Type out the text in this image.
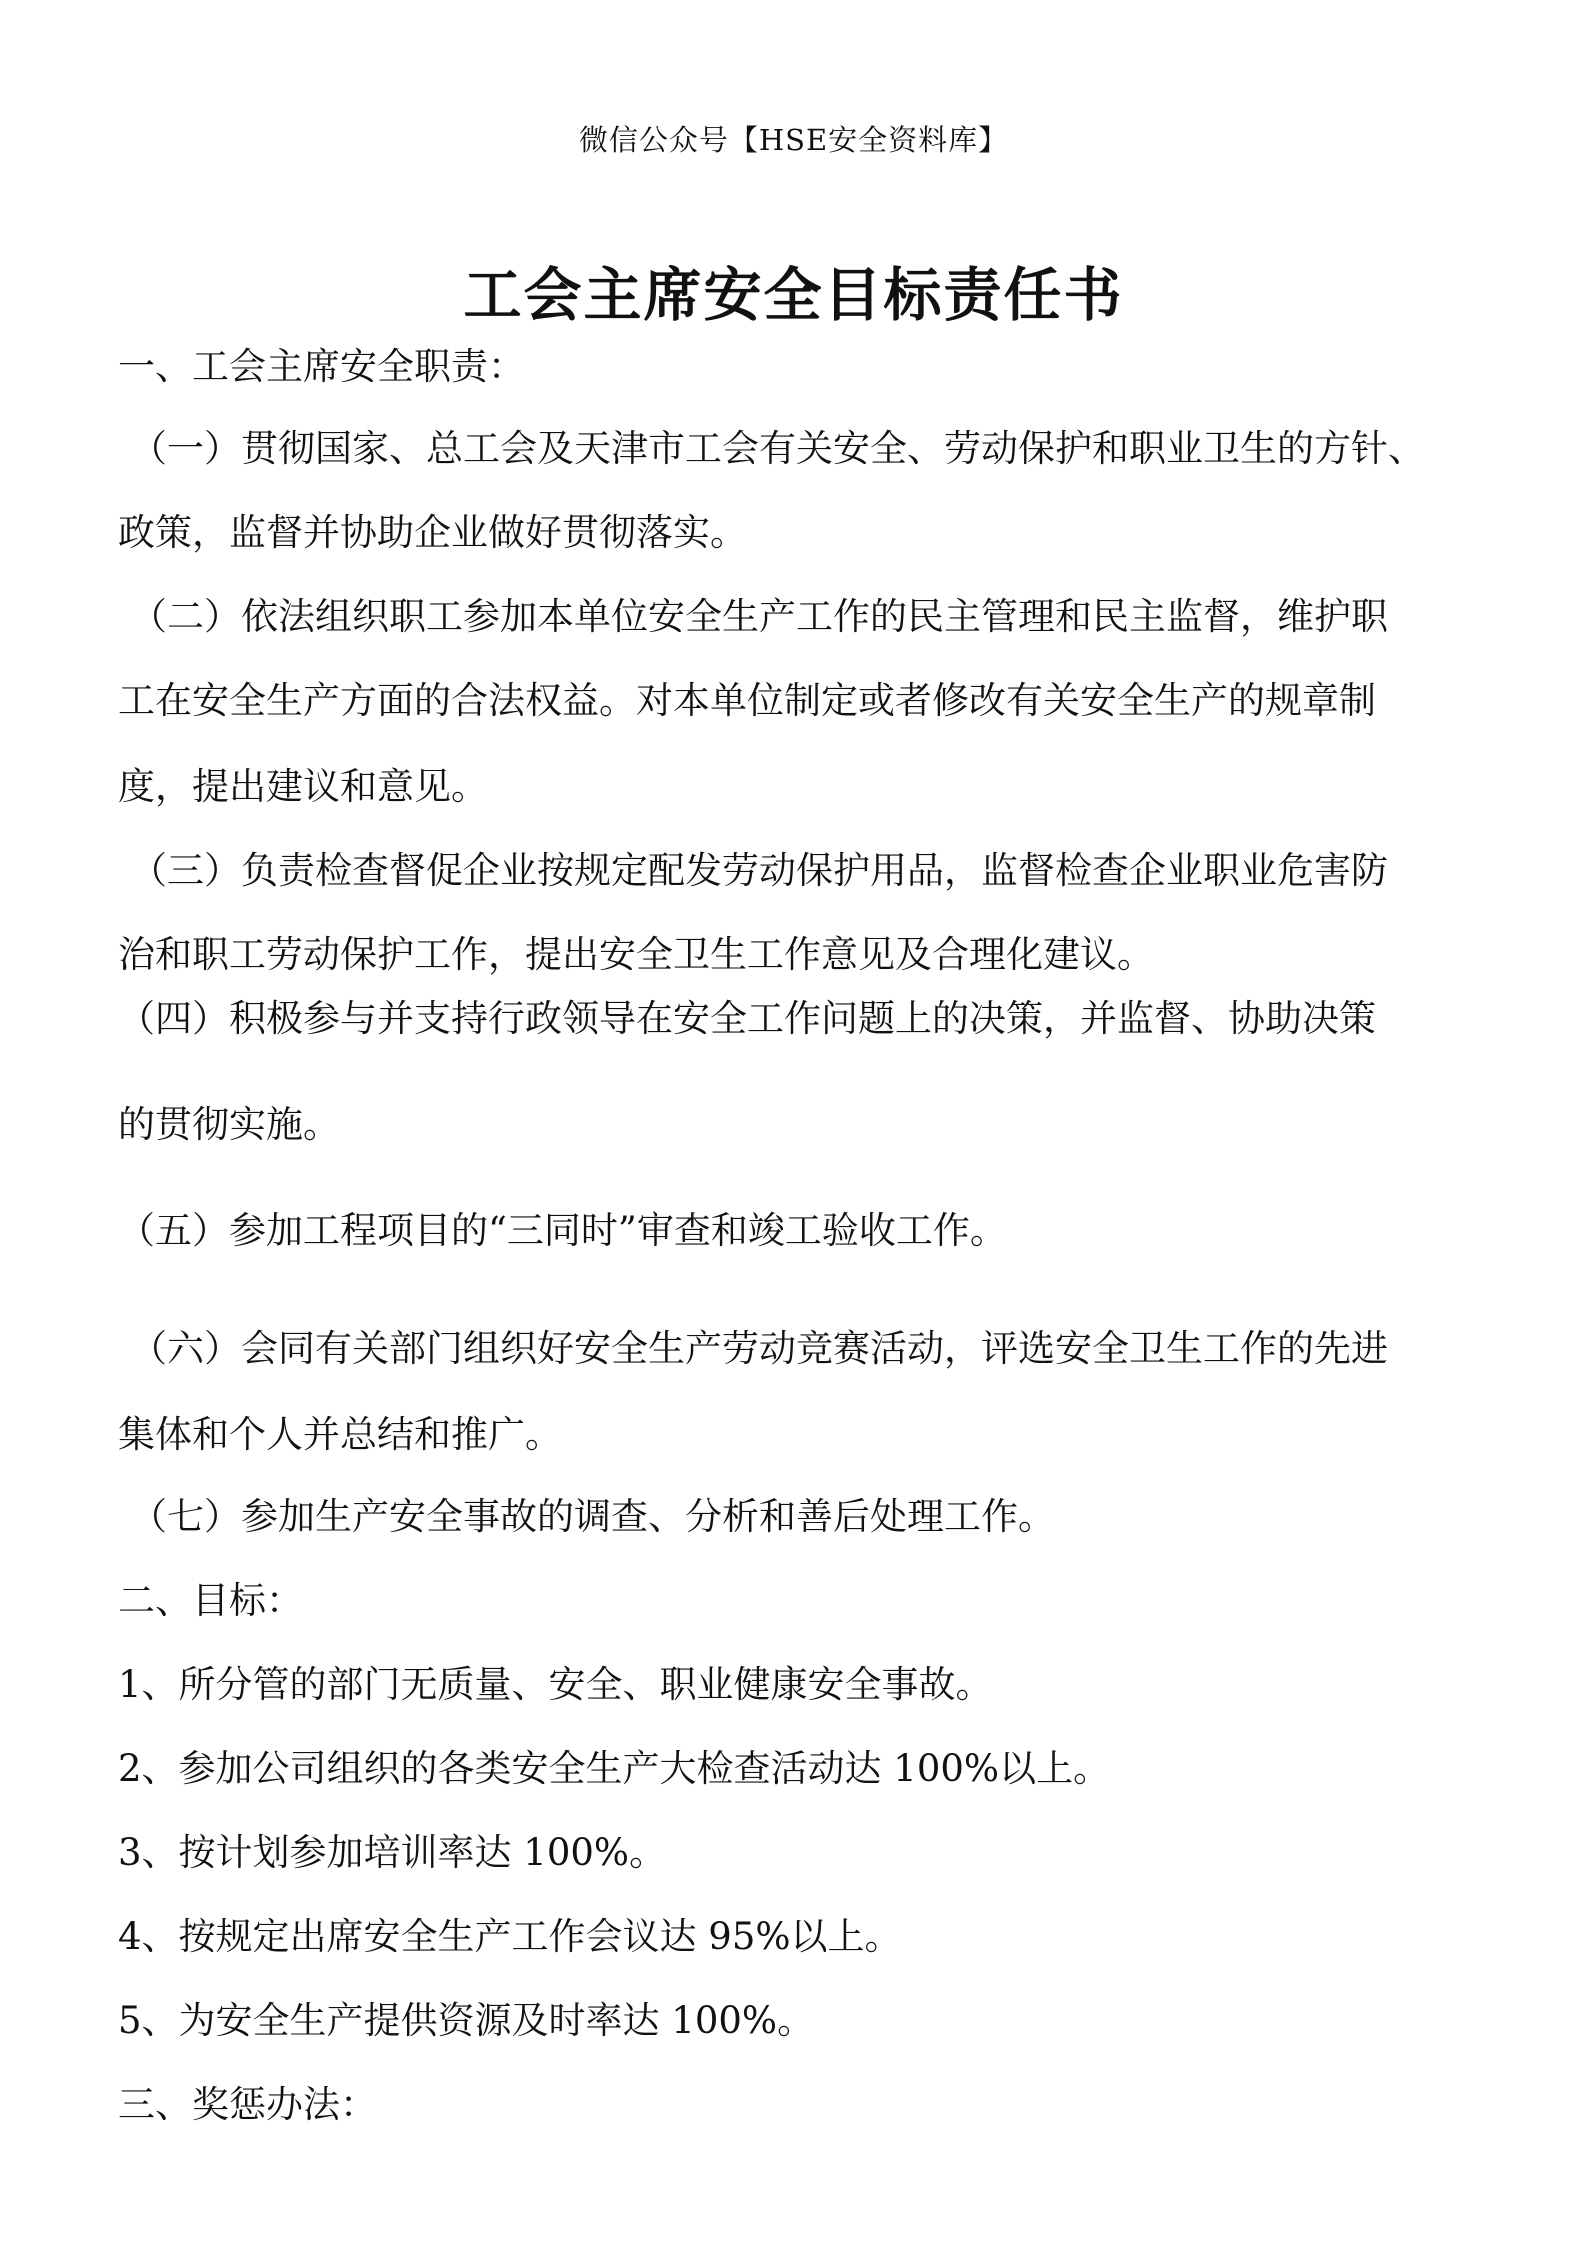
微信公众号【HSE安全资料库】
工会主席安全目标责任书
一、工会主席安全职责：
（一）贯彻国家、总工会及天津市工会有关安全、劳动保护和职业卫生的方针、
政策，监督并协助企业做好贯彻落实。
（二）依法组织职工参加本单位安全生产工作的民主管理和民主监督，维护职
工在安全生产方面的合法权益。对本单位制定或者修改有关安全生产的规章制
度，提出建议和意见。
（三）负责检查督促企业按规定配发劳动保护用品，监督检查企业职业危害防
治和职工劳动保护工作，提出安全卫生工作意见及合理化建议。
（四）积极参与并支持行政领导在安全工作问题上的决策，并监督、协助决策
的贯彻实施。
（五）参加工程项目的“三同时”审查和竣工验收工作。
（六）会同有关部门组织好安全生产劳动竞赛活动，评选安全卫生工作的先进
集体和个人并总结和推广。
（七）参加生产安全事故的调查、分析和善后处理工作。
二、目标：
1、所分管的部门无质量、安全、职业健康安全事故。
2、参加公司组织的各类安全生产大检查活动达 100%以上。
3、按计划参加培训率达 100%。
4、按规定出席安全生产工作会议达 95%以上。
5、为安全生产提供资源及时率达 100%。
三、奖惩办法：
